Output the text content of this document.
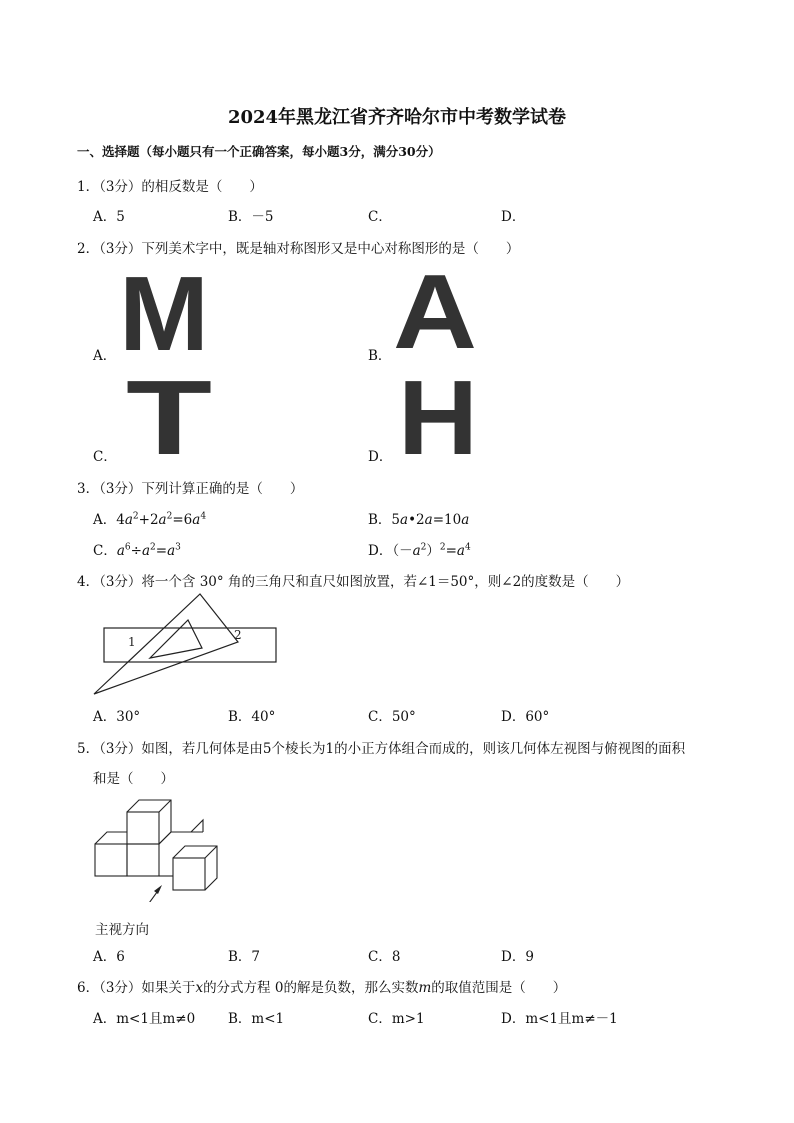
2024年黑龙江省齐齐哈尔市中考数学试卷
一、选择题（每小题只有一个正确答案，每小题3分，满分30分）
1．（3分）的相反数是（　　）
A．5	B．－5	C．	D．
2．（3分）下列美术字中，既是轴对称图形又是中心对称图形的是（　　）
A． M	B． A
C． T	D． H
3．（3分）下列计算正确的是（　　）
A．$4a^2+2a^2=6a^4$	B．5a•2a=10a
C．$a^6\div a^2=a^3$	D．$(-a^2)^2=a^4$
4．（3分）将一个含 30° 角的三角尺和直尺如图放置，若∠1＝50°，则∠2的度数是（　　）
1	2
A．30°	B．40°	C．50°	D．60°
5．（3分）如图，若几何体是由5个棱长为1的小正方体组合而成的，则该几何体左视图与俯视图的面积
和是（　　）
主视方向
A．6	B．7	C．8	D．9
6．（3分）如果关于x的分式方程 0的解是负数，那么实数m的取值范围是（　　）
A．m<1且m≠0 B．m<1	C．m>1	D．m<1且m≠－1
